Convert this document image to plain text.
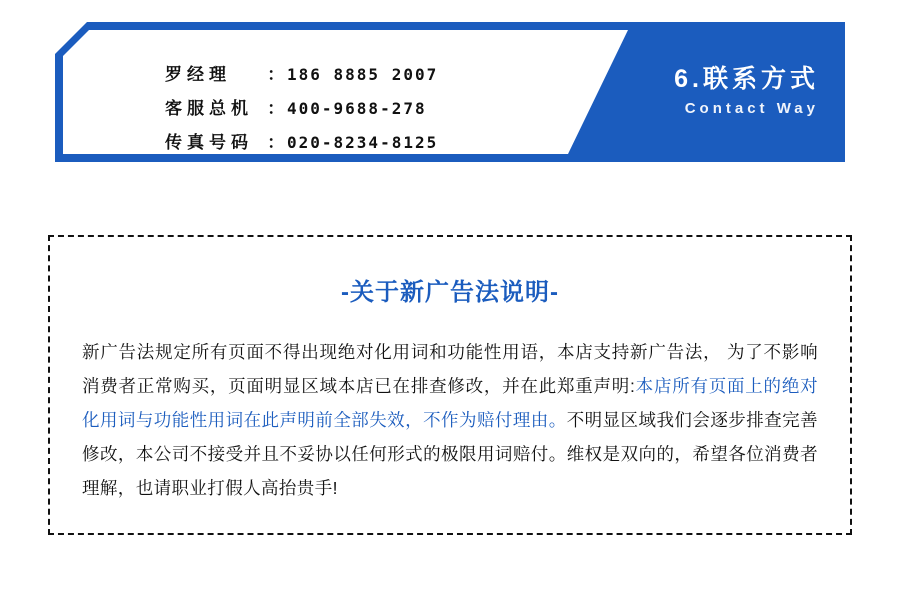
罗经理	： 186 8885 2007
客服总机 ： 400-9688-278
传真号码 ： 020-8234-8125
6.联系方式
Contact Way
-关于新广告法说明-
新广告法规定所有页面不得出现绝对化用词和功能性用语，本店支持新广告法， 为了不影响消费者正常购买，页面明显区域本店已在排查修改，并在此郑重声明:本店所有页面上的绝对化用词与功能性用词在此声明前全部失效，不作为赔付理由。不明显区域我们会逐步排查完善修改，本公司不接受并且不妥协以任何形式的极限用词赔付。维权是双向的，希望各位消费者理解，也请职业打假人高抬贵手!
